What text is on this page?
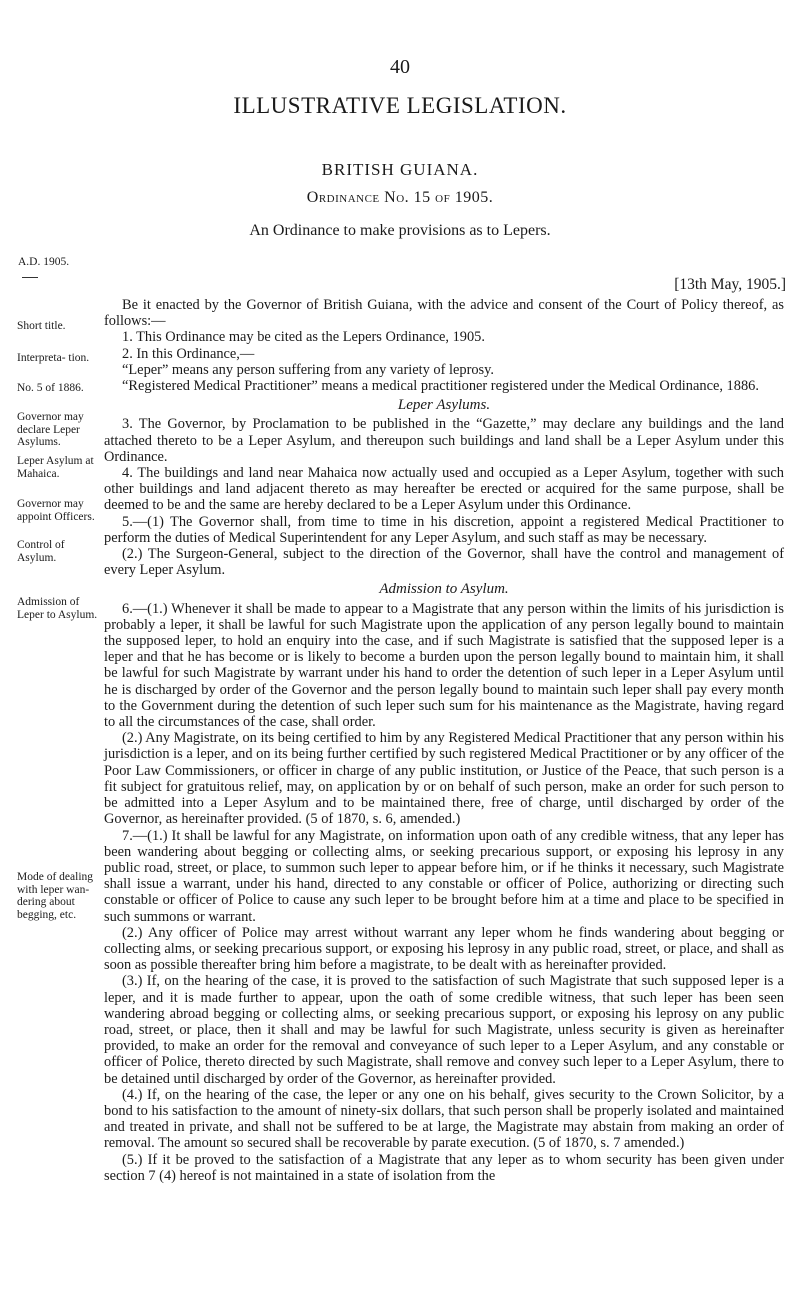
40
ILLUSTRATIVE LEGISLATION.
BRITISH GUIANA.
Ordinance No. 15 of 1905.
An Ordinance to make provisions as to Lepers.
A.D. 1905.
[13th May, 1905.]
Short title.
Interpreta- tion.
No. 5 of 1886.
Governor may declare Leper Asylums.
Leper Asylum at Mahaica.
Governor may appoint Officers.
Control of Asylum.
Admission of Leper to Asylum.
Mode of dealing with leper wan- dering about begging, etc.

Be it enacted by the Governor of British Guiana, with the advice and consent of the Court of Policy thereof, as follows:—

1. This Ordinance may be cited as the Lepers Ordinance, 1905.

2. In this Ordinance,—

“Leper” means any person suffering from any variety of leprosy.

“Registered Medical Practitioner” means a medical practitioner registered under the Medical Ordinance, 1886.

Leper Asylums.

3. The Governor, by Proclamation to be published in the “Gazette,” may declare any buildings and the land attached thereto to be a Leper Asylum, and thereupon such buildings and land shall be a Leper Asylum under this Ordinance.

4. The buildings and land near Mahaica now actually used and occupied as a Leper Asylum, together with such other buildings and land adjacent thereto as may hereafter be erected or acquired for the same purpose, shall be deemed to be and the same are hereby declared to be a Leper Asylum under this Ordinance.

5.—(1) The Governor shall, from time to time in his discretion, appoint a registered Medical Practitioner to perform the duties of Medical Superintendent for any Leper Asylum, and such staff as may be necessary.

(2.) The Surgeon-General, subject to the direction of the Governor, shall have the control and management of every Leper Asylum.

Admission to Asylum.

6.—(1.) Whenever it shall be made to appear to a Magistrate that any person within the limits of his jurisdiction is probably a leper, it shall be lawful for such Magistrate upon the application of any person legally bound to maintain the supposed leper, to hold an enquiry into the case, and if such Magistrate is satisfied that the supposed leper is a leper and that he has become or is likely to become a burden upon the person legally bound to maintain him, it shall be lawful for such Magistrate by warrant under his hand to order the detention of such leper in a Leper Asylum until he is discharged by order of the Governor and the person legally bound to maintain such leper shall pay every month to the Government during the detention of such leper such sum for his maintenance as the Magistrate, having regard to all the circumstances of the case, shall order.

(2.) Any Magistrate, on its being certified to him by any Registered Medical Practitioner that any person within his jurisdiction is a leper, and on its being further certified by such registered Medical Practitioner or by any officer of the Poor Law Commissioners, or officer in charge of any public institution, or Justice of the Peace, that such person is a fit subject for gratuitous relief, may, on application by or on behalf of such person, make an order for such person to be admitted into a Leper Asylum and to be maintained there, free of charge, until discharged by order of the Governor, as hereinafter provided. (5 of 1870, s. 6, amended.)

7.—(1.) It shall be lawful for any Magistrate, on information upon oath of any credible witness, that any leper has been wandering about begging or collecting alms, or seeking precarious support, or exposing his leprosy in any public road, street, or place, to summon such leper to appear before him, or if he thinks it necessary, such Magistrate shall issue a warrant, under his hand, directed to any constable or officer of Police, authorizing or directing such constable or officer of Police to cause any such leper to be brought before him at a time and place to be specified in such summons or warrant.

(2.) Any officer of Police may arrest without warrant any leper whom he finds wandering about begging or collecting alms, or seeking precarious support, or exposing his leprosy in any public road, street, or place, and shall as soon as possible thereafter bring him before a magistrate, to be dealt with as hereinafter provided.

(3.) If, on the hearing of the case, it is proved to the satisfaction of such Magistrate that such supposed leper is a leper, and it is made further to appear, upon the oath of some credible witness, that such leper has been seen wandering abroad begging or collecting alms, or seeking precarious support, or exposing his leprosy on any public road, street, or place, then it shall and may be lawful for such Magistrate, unless security is given as hereinafter provided, to make an order for the removal and conveyance of such leper to a Leper Asylum, and any constable or officer of Police, thereto directed by such Magistrate, shall remove and convey such leper to a Leper Asylum, there to be detained until discharged by order of the Governor, as hereinafter provided.

(4.) If, on the hearing of the case, the leper or any one on his behalf, gives security to the Crown Solicitor, by a bond to his satisfaction to the amount of ninety-six dollars, that such person shall be properly isolated and maintained and treated in private, and shall not be suffered to be at large, the Magistrate may abstain from making an order of removal. The amount so secured shall be recoverable by parate execution. (5 of 1870, s. 7 amended.)

(5.) If it be proved to the satisfaction of a Magistrate that any leper as to whom security has been given under section 7 (4) hereof is not maintained in a state of isolation from the
